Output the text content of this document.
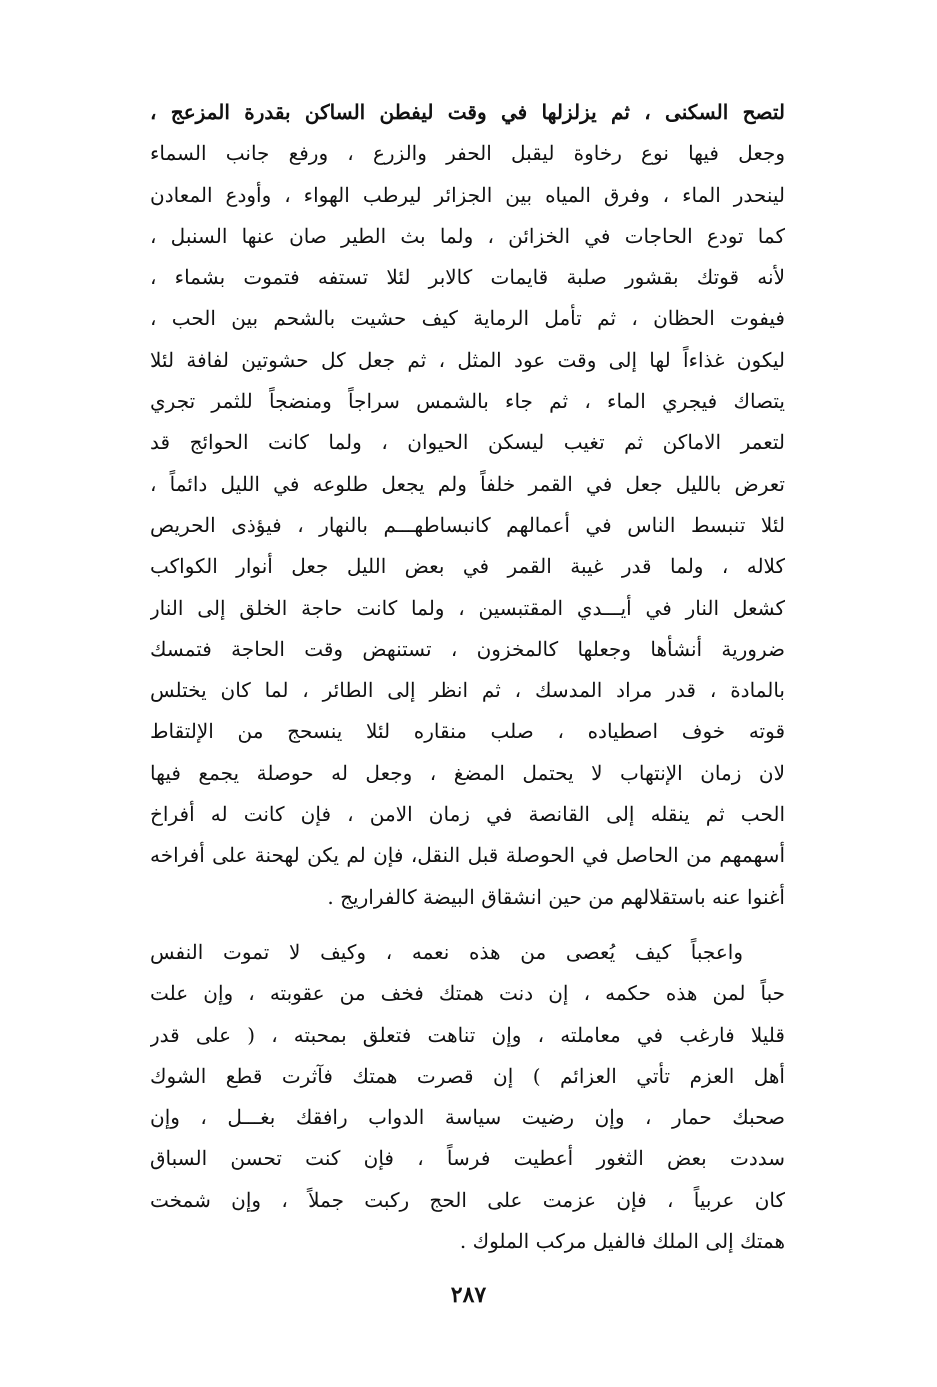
لتصح السكنى ، ثم يزلزلها في وقت ليفطن الساكن بقدرة المزعج ،
وجعل فيها نوع رخاوة ليقبل الحفر والزرع ، ورفع جانب السماء
لينحدر الماء ، وفرق المياه بين الجزائر ليرطب الهواء ، وأودع المعادن
كما تودع الحاجات في الخزائن ، ولما بث الطير صان عنها السنبل ،
لأنه قوتك بقشور صلبة قايمات كالابر لئلا تستفه فتموت بشماء ،
فيفوت الحظان ، ثم تأمل الرماية كيف حشيت بالشحم بين الحب ،
ليكون غذاءاً لها إلى وقت عود المثل ، ثم جعل كل حشوتين لفافة لئلا
يتصاك فيجري الماء ، ثم جاء بالشمس سراجاً ومنضجاً للثمر تجري
لتعمر الاماكن ثم تغيب ليسكن الحيوان ، ولما كانت الحوائج قد
تعرض بالليل جعل في القمر خلفاً ولم يجعل طلوعه في الليل دائماً ،
لئلا تنبسط الناس في أعمالهم كانبساطهـــم بالنهار ، فيؤذى الحريص
كلاله ، ولما قدر غيبة القمر في بعض الليل جعل أنوار الكواكب
كشعل النار في أيـــدي المقتبسين ، ولما كانت حاجة الخلق إلى النار
ضرورية أنشأها وجعلها كالمخزون ، تستنهض وقت الحاجة فتمسك
بالمادة ، قدر مراد المدسك ، ثم انظر إلى الطائر ، لما كان يختلس
قوته خوف اصطياده ، صلب منقاره لئلا ينسحج من الإلتقاط
لان زمان الإنتهاب لا يحتمل المضغ ، وجعل له حوصلة يجمع فيها
الحب ثم ينقله إلى القانصة في زمان الامن ، فإن كانت له أفراخ
أسهمهم من الحاصل في الحوصلة قبل النقل، فإن لم يكن لهحنة على أفراخه
أغنوا عنه باستقلالهم من حين انشقاق البيضة كالفراريج .
واعجباً كيف يُعصى من هذه نعمه ، وكيف لا تموت النفس
حباً لمن هذه حكمه ، إن دنت همتك فخف من عقوبته ، وإن علت
قليلا فارغب في معاملته ، وإن تناهت فتعلق بمحبته ، ( على قدر
أهل العزم تأتي العزائم ) إن قصرت همتك فآثرت قطع الشوك
صحبك حمار ، وإن رضيت سياسة الدواب رافقك بغـــل ، وإن
سددت بعض الثغور أعطيت فرساً ، فإن كنت تحسن السباق
كان عربياً ، فإن عزمت على الحج ركبت جملاً ، وإن شمخت
همتك إلى الملك فالفيل مركب الملوك .
٢٨٧
